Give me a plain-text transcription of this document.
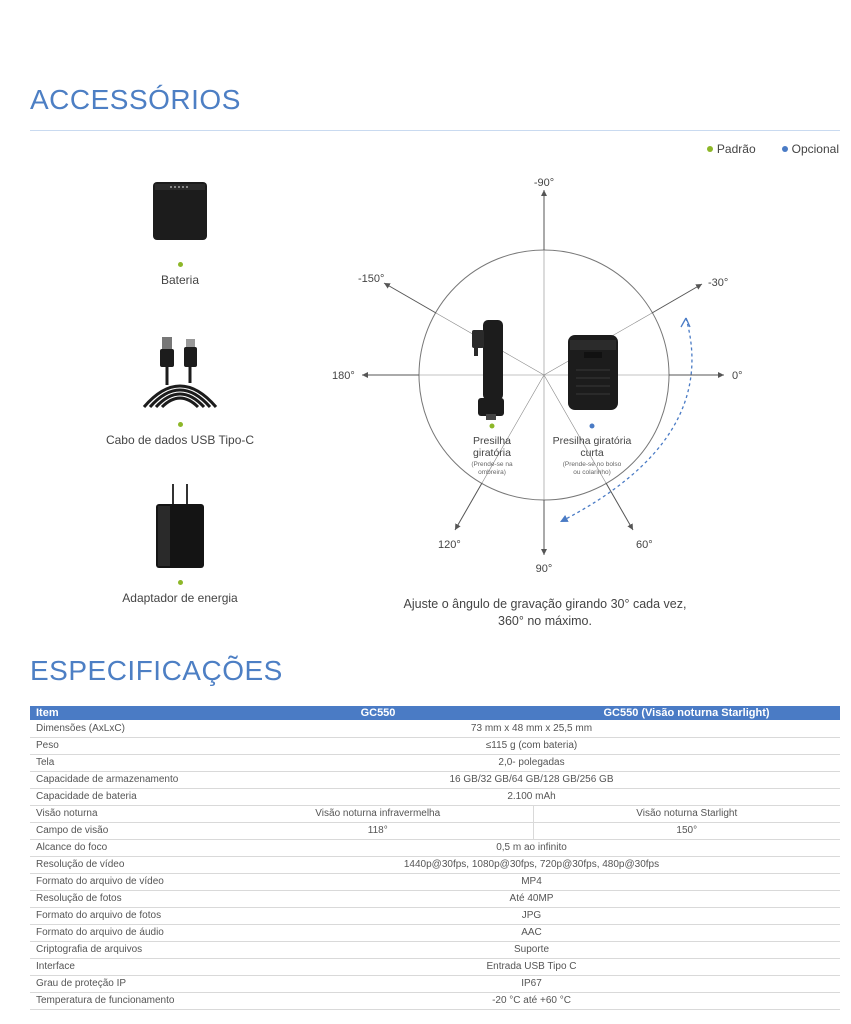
ACCESSÓRIOS
Padrão	Opcional
Bateria
Cabo de dados USB Tipo-C
Adaptador de energia
-90°
-30°
0°
60°
90°
120°
180°
-150°
Presilha
giratória
(Prende-se na
ombreira)
Presilha giratória
curta
(Prende-se no bolso
ou colarinho)
Ajuste o ângulo de gravação girando 30° cada vez,
360° no máximo.
ESPECIFICAÇÕES
Item	GC550	GC550 (Visão noturna Starlight)
Dimensões (AxLxC)	73 mm x 48 mm x 25,5 mm	
Peso	≤115 g (com bateria)	
Tela	2,0- polegadas	
Capacidade de armazenamento	16 GB/32 GB/64 GB/128 GB/256 GB	
Capacidade de bateria	2.100 mAh	
Visão noturna	Visão noturna infravermelha	Visão noturna Starlight
Campo de visão	118°	150°
Alcance do foco	0,5 m ao infinito	
Resolução de vídeo	1440p@30fps, 1080p@30fps, 720p@30fps, 480p@30fps	
Formato do arquivo de vídeo	MP4	
Resolução de fotos	Até 40MP	
Formato do arquivo de fotos	JPG	
Formato do arquivo de áudio	AAC	
Criptografia de arquivos	Suporte	
Interface	Entrada USB Tipo C	
Grau de proteção IP	IP67	
Temperatura de funcionamento	-20 °C até +60 °C	
